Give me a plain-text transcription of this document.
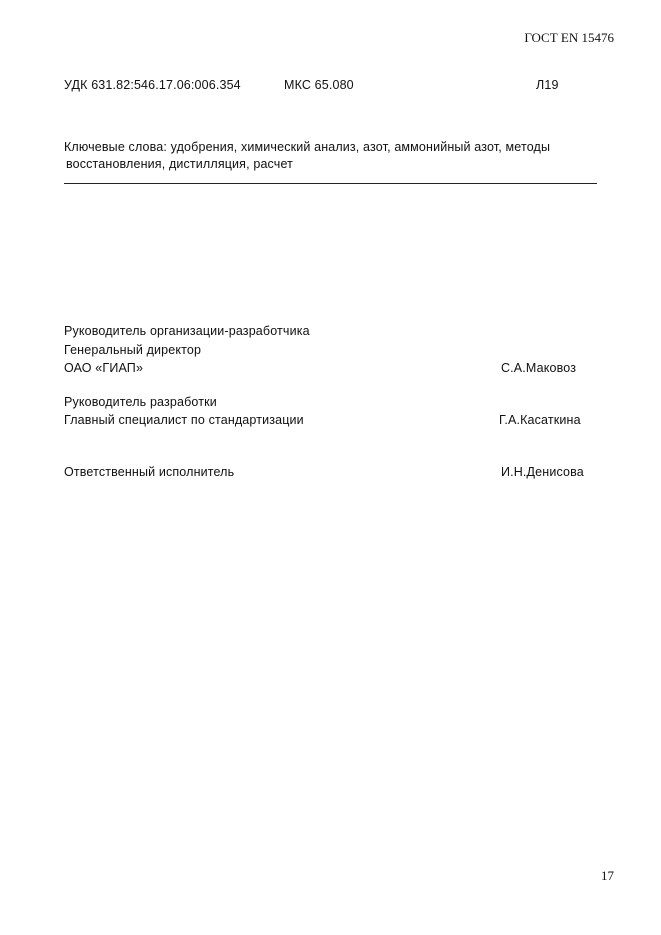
ГОСТ EN 15476
УДК 631.82:546.17.06:006.354	МКС 65.080	Л19
Ключевые слова: удобрения, химический анализ, азот, аммонийный азот, методы
восстановления, дистилляция, расчет
Руководитель организации-разработчика
Генеральный директор
ОАО «ГИАП»	С.А.Маковоз
Руководитель разработки
Главный специалист по стандартизации	Г.А.Касаткина
Ответственный исполнитель	И.Н.Денисова
17
